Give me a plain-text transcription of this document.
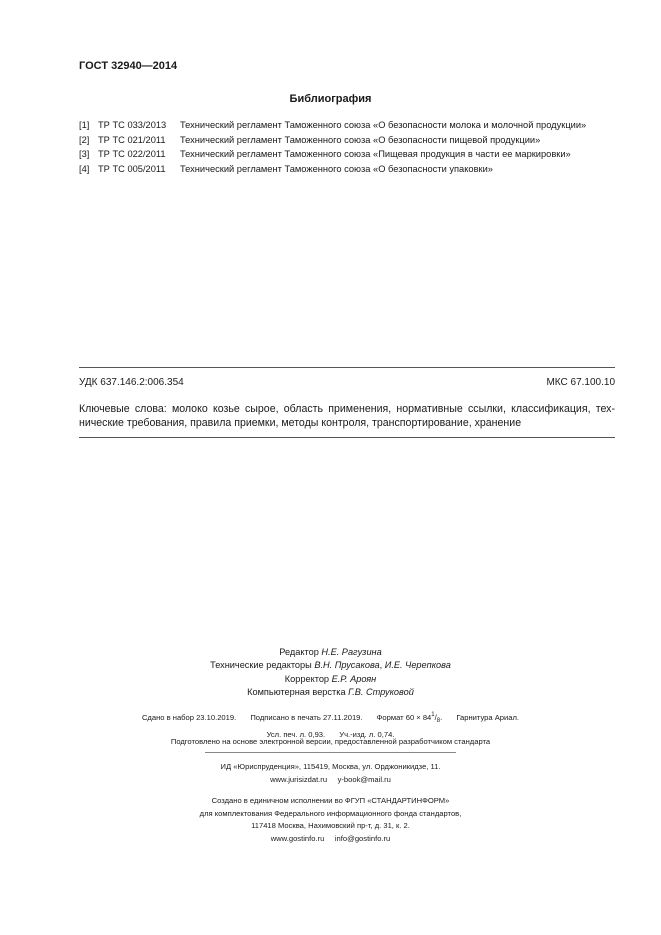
ГОСТ 32940—2014
Библиография
[1] ТР ТС 033/2013 Технический регламент Таможенного союза «О безопасности молока и молочной продукции»
[2] ТР ТС 021/2011 Технический регламент Таможенного союза «О безопасности пищевой продукции»
[3] ТР ТС 022/2011 Технический регламент Таможенного союза «Пищевая продукция в части ее маркировки»
[4] ТР ТС 005/2011 Технический регламент Таможенного союза «О безопасности упаковки»
УДК 637.146.2:006.354	МКС 67.100.10
Ключевые слова: молоко козье сырое, область применения, нормативные ссылки, классификация, тех-нические требования, правила приемки, методы контроля, транспортирование, хранение
Редактор Н.Е. Рагузина
Технические редакторы В.Н. Прусакова, И.Е. Черепкова
Корректор Е.Р. Ароян
Компьютерная верстка Г.В. Струковой
Сдано в набор 23.10.2019. Подписано в печать 27.11.2019. Формат $60 \times 84^1/_8$. Гарнитура Ариал.
Усл. печ. л. 0,93. Уч.-изд. л. 0,74.
Подготовлено на основе электронной версии, предоставленной разработчиком стандарта
ИД «Юриспруденция», 115419, Москва, ул. Орджоникидзе, 11.
www.jurisizdat.ru y-book@mail.ru
Создано в единичном исполнении во ФГУП «СТАНДАРТИНФОРМ»
для комплектования Федерального информационного фонда стандартов,
117418 Москва, Нахимовский пр-т, д. 31, к. 2.
www.gostinfo.ru info@gostinfo.ru
